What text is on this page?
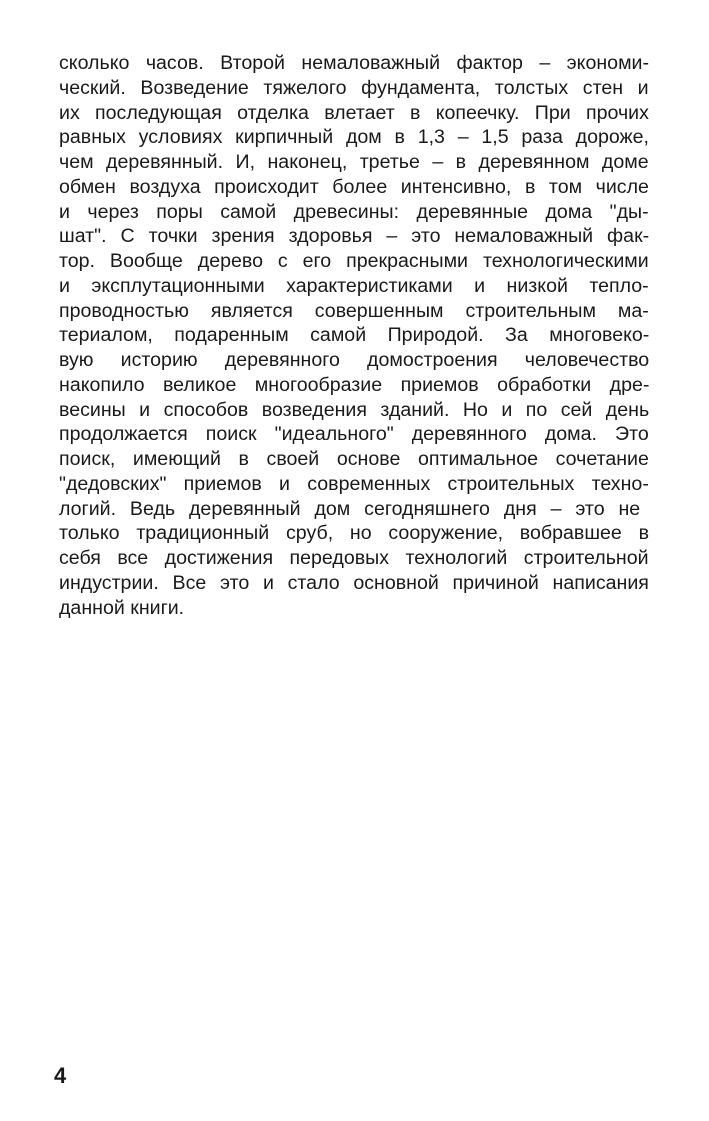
сколько часов. Второй немаловажный фактор – экономи-
ческий. Возведение тяжелого фундамента, толстых стен и
их последующая отделка влетает в копеечку. При прочих
равных условиях кирпичный дом в 1,3 – 1,5 раза дороже,
чем деревянный. И, наконец, третье – в деревянном доме
обмен воздуха происходит более интенсивно, в том числе
и через поры самой древесины: деревянные дома "ды-
шат". С точки зрения здоровья – это немаловажный фак-
тор. Вообще дерево с его прекрасными технологическими
и эксплутационными характеристиками и низкой тепло-
проводностью является совершенным строительным ма-
териалом, подаренным самой Природой. За многовеко-
вую историю деревянного домостроения человечество
накопило великое многообразие приемов обработки дре-
весины и способов возведения зданий. Но и по сей день
продолжается поиск "идеального" деревянного дома. Это
поиск, имеющий в своей основе оптимальное сочетание
"дедовских" приемов и современных строительных техно-
логий. Ведь деревянный дом сегодняшнего дня – это не
только традиционный сруб, но сооружение, вобравшее в
себя все достижения передовых технологий строительной
индустрии. Все это и стало основной причиной написания
данной книги.
4
